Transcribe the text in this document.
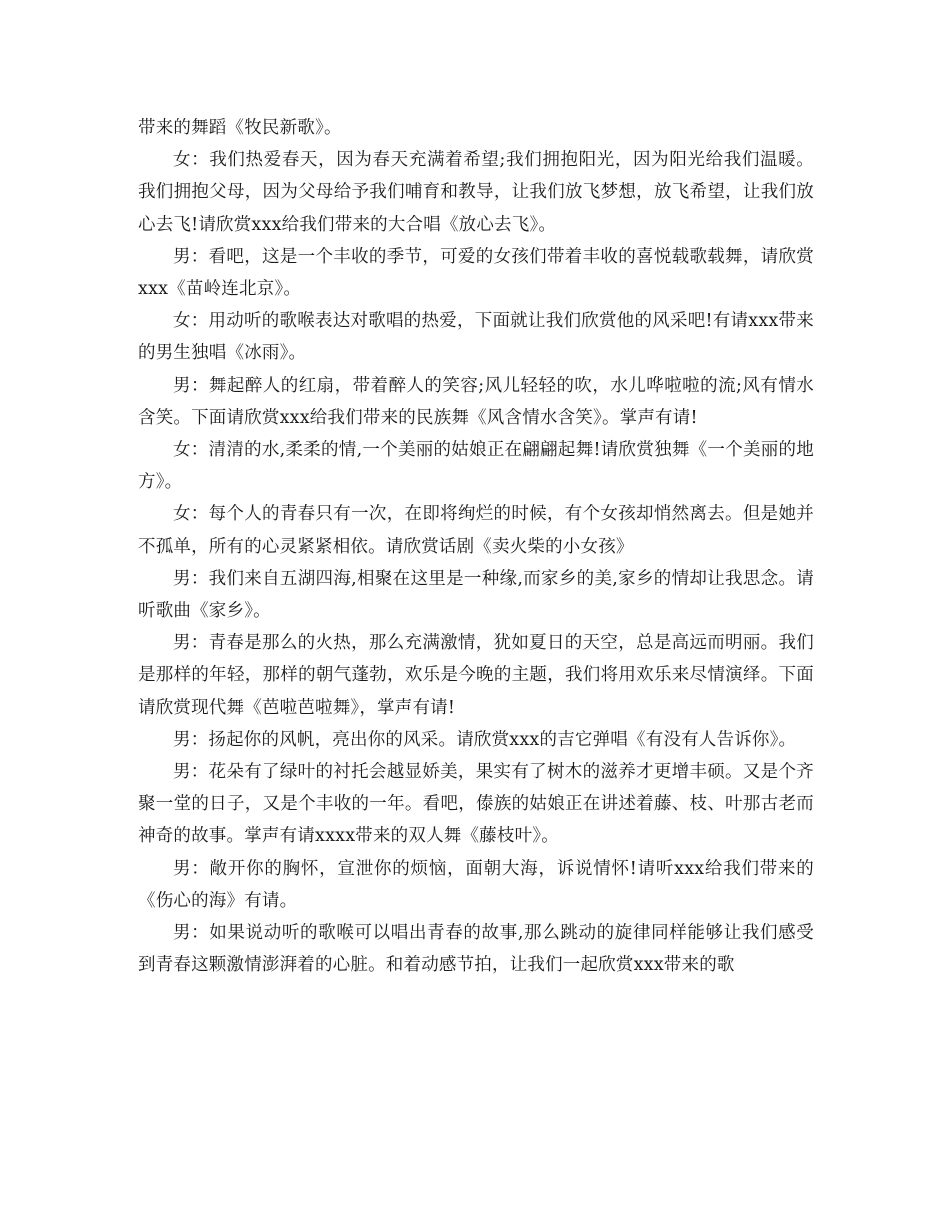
带来的舞蹈《牧民新歌》。

女：我们热爱春天，因为春天充满着希望;我们拥抱阳光，因为阳光给我们温暖。我们拥抱父母，因为父母给予我们哺育和教导，让我们放飞梦想，放飞希望，让我们放心去飞!请欣赏xxx给我们带来的大合唱《放心去飞》。

男：看吧，这是一个丰收的季节，可爱的女孩们带着丰收的喜悦载歌载舞，请欣赏xxx《苗岭连北京》。

女：用动听的歌喉表达对歌唱的热爱，下面就让我们欣赏他的风采吧!有请xxx带来的男生独唱《冰雨》。

男：舞起醉人的红扇，带着醉人的笑容;风儿轻轻的吹，水儿哗啦啦的流;风有情水含笑。下面请欣赏xxx给我们带来的民族舞《风含情水含笑》。掌声有请!

女：清清的水,柔柔的情,一个美丽的姑娘正在翩翩起舞!请欣赏独舞《一个美丽的地方》。

女：每个人的青春只有一次，在即将绚烂的时候，有个女孩却悄然离去。但是她并不孤单，所有的心灵紧紧相依。请欣赏话剧《卖火柴的小女孩》

男：我们来自五湖四海,相聚在这里是一种缘,而家乡的美,家乡的情却让我思念。请听歌曲《家乡》。

男：青春是那么的火热，那么充满激情，犹如夏日的天空，总是高远而明丽。我们是那样的年轻，那样的朝气蓬勃，欢乐是今晚的主题，我们将用欢乐来尽情演绎。下面请欣赏现代舞《芭啦芭啦舞》，掌声有请!

男：扬起你的风帆，亮出你的风采。请欣赏xxx的吉它弹唱《有没有人告诉你》。

男：花朵有了绿叶的衬托会越显娇美，果实有了树木的滋养才更增丰硕。又是个齐聚一堂的日子，又是个丰收的一年。看吧，傣族的姑娘正在讲述着藤、枝、叶那古老而神奇的故事。掌声有请xxxx带来的双人舞《藤枝叶》。

男：敞开你的胸怀，宣泄你的烦恼，面朝大海，诉说情怀!请听xxx给我们带来的《伤心的海》有请。

男：如果说动听的歌喉可以唱出青春的故事,那么跳动的旋律同样能够让我们感受到青春这颗激情澎湃着的心脏。和着动感节拍，让我们一起欣赏xxx带来的歌
